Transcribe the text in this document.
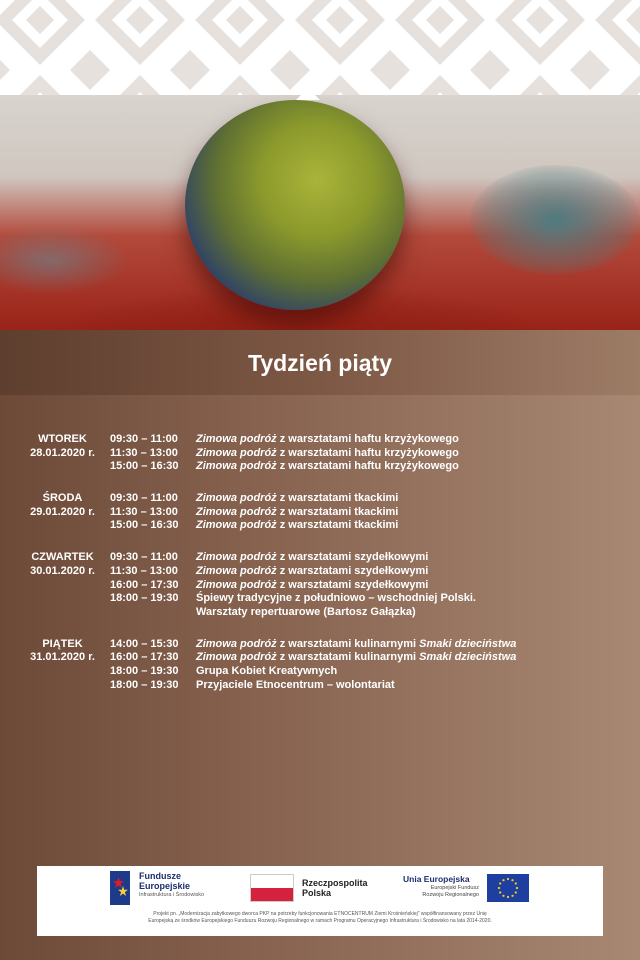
Tydzień piąty
WTOREK
28.01.2020 r.
09:30 – 11:00	Zimowa podróż z warsztatami haftu krzyżykowego
11:30 – 13:00	Zimowa podróż z warsztatami haftu krzyżykowego
15:00 – 16:30	Zimowa podróż z warsztatami haftu krzyżykowego
ŚRODA
29.01.2020 r.
09:30 – 11:00	Zimowa podróż z warsztatami tkackimi
11:30 – 13:00	Zimowa podróż z warsztatami tkackimi
15:00 – 16:30	Zimowa podróż z warsztatami tkackimi
CZWARTEK
30.01.2020 r.
09:30 – 11:00	Zimowa podróż z warsztatami szydełkowymi
11:30 – 13:00	Zimowa podróż z warsztatami szydełkowymi
16:00 – 17:30	Zimowa podróż z warsztatami szydełkowymi
18:00 – 19:30	Śpiewy tradycyjne z południowo – wschodniej Polski.
Warsztaty repertuarowe (Bartosz Gałązka)
PIĄTEK
31.01.2020 r.
14:00 – 15:30	Zimowa podróż z warsztatami kulinarnymi Smaki dzieciństwa
16:00 – 17:30	Zimowa podróż z warsztatami kulinarnymi Smaki dzieciństwa
18:00 – 19:30	Grupa Kobiet Kreatywnych
18:00 – 19:30	Przyjaciele Etnocentrum – wolontariat
Fundusze
Europejskie
Infrastruktura i Środowisko
Rzeczpospolita
Polska
Unia Europejska
Europejski Fundusz
Rozwoju Regionalnego
Projekt pn. „Modernizacja zabytkowego dworca PKP na potrzeby funkcjonowania ETNOCENTRUM Ziemi Krośnieńskiej" współfinansowany przez Unię
Europejską ze środków Europejskiego Funduszu Rozwoju Regionalnego w ramach Programu Operacyjnego Infrastruktura i Środowisko na lata 2014-2020.
